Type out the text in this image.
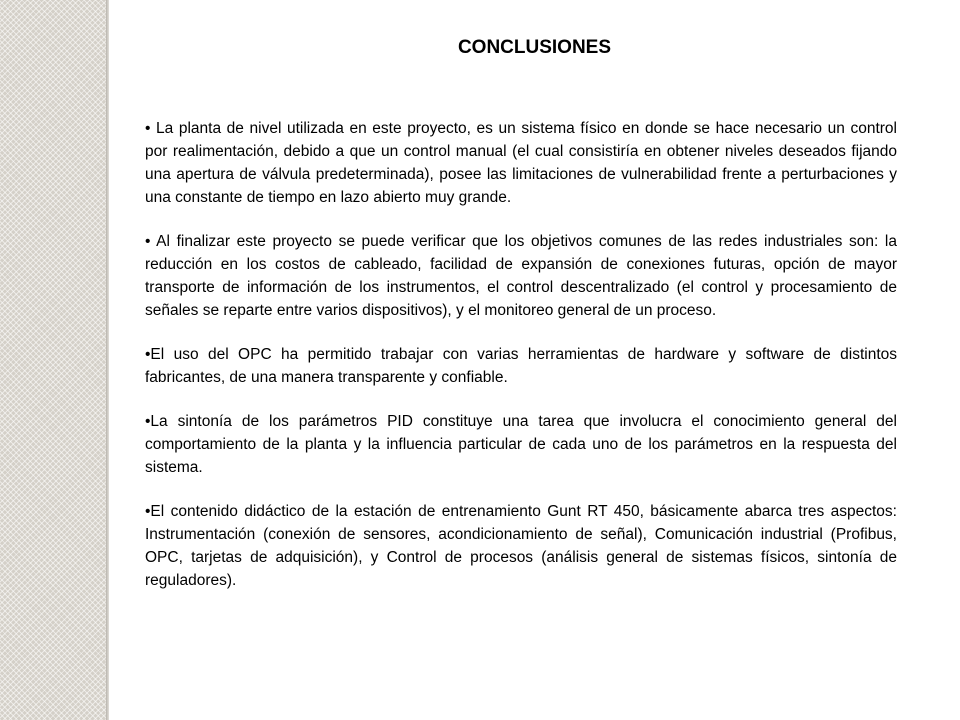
CONCLUSIONES

• La planta de nivel utilizada en este proyecto, es un sistema físico en donde se hace necesario un control por realimentación, debido a que un control manual (el cual consistiría en obtener niveles deseados fijando una apertura de válvula predeterminada), posee las limitaciones de vulnerabilidad frente a perturbaciones y una constante de tiempo en lazo abierto muy grande.

• Al finalizar este proyecto se puede verificar que los objetivos comunes de las redes industriales son: la reducción en los costos de cableado, facilidad de expansión de conexiones futuras, opción de mayor transporte de información de los instrumentos, el control descentralizado (el control y procesamiento de señales se reparte entre varios dispositivos), y el monitoreo general de un proceso.

•El uso del OPC ha permitido trabajar con varias herramientas de hardware y software de distintos fabricantes, de una manera transparente y confiable.

•La sintonía de los parámetros PID constituye una tarea que involucra el conocimiento general del comportamiento de la planta y la influencia particular de cada uno de los parámetros en la respuesta del sistema.

•El contenido didáctico de la estación de entrenamiento Gunt RT 450, básicamente abarca tres aspectos: Instrumentación (conexión de sensores, acondicionamiento de señal), Comunicación industrial (Profibus, OPC, tarjetas de adquisición), y Control de procesos (análisis general de sistemas físicos, sintonía de reguladores).
